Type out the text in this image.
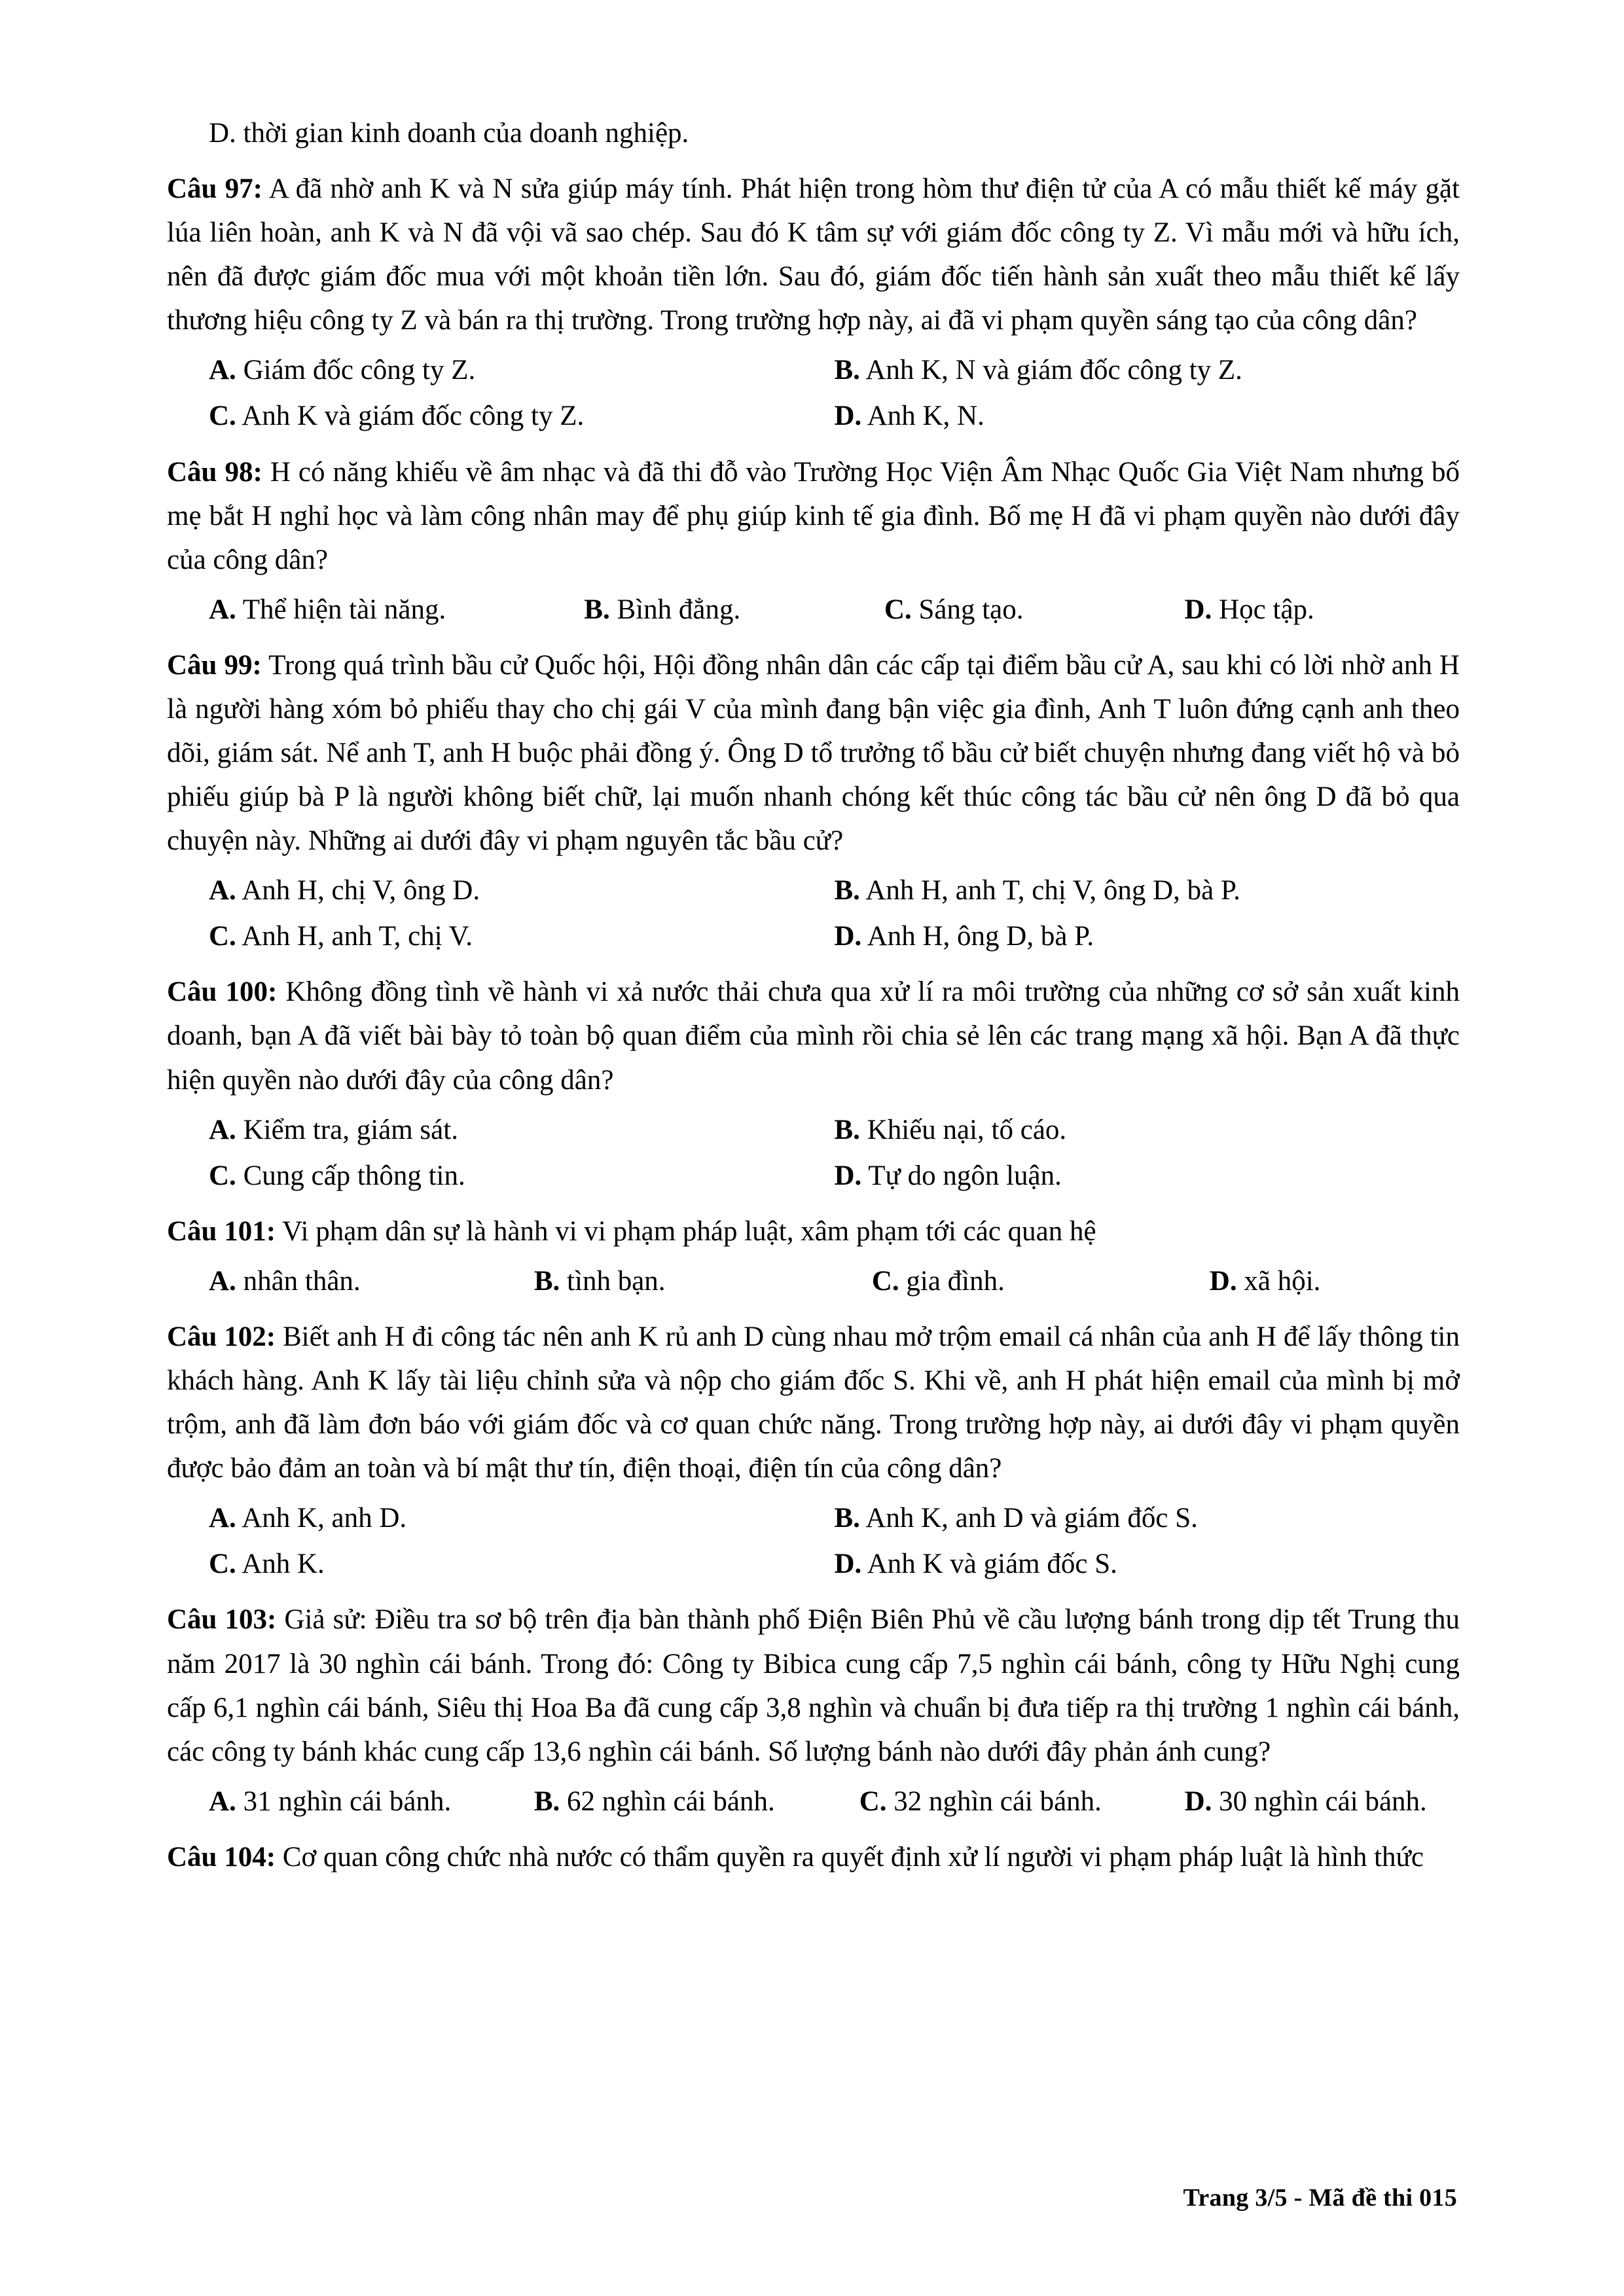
D. thời gian kinh doanh của doanh nghiệp.

Câu 97: A đã nhờ anh K và N sửa giúp máy tính. Phát hiện trong hòm thư điện tử của A có mẫu thiết kế máy gặt lúa liên hoàn, anh K và N đã vội vã sao chép. Sau đó K tâm sự với giám đốc công ty Z. Vì mẫu mới và hữu ích, nên đã được giám đốc mua với một khoản tiền lớn. Sau đó, giám đốc tiến hành sản xuất theo mẫu thiết kế lấy thương hiệu công ty Z và bán ra thị trường. Trong trường hợp này, ai đã vi phạm quyền sáng tạo của công dân?

A. Giám đốc công ty Z.	B. Anh K, N và giám đốc công ty Z.
C. Anh K và giám đốc công ty Z.	D. Anh K, N.

Câu 98: H có năng khiếu về âm nhạc và đã thi đỗ vào Trường Học Viện Âm Nhạc Quốc Gia Việt Nam nhưng bố mẹ bắt H nghỉ học và làm công nhân may để phụ giúp kinh tế gia đình. Bố mẹ H đã vi phạm quyền nào dưới đây của công dân?

A. Thể hiện tài năng.	B. Bình đẳng.	C. Sáng tạo.	D. Học tập.

Câu 99: Trong quá trình bầu cử Quốc hội, Hội đồng nhân dân các cấp tại điểm bầu cử A, sau khi có lời nhờ anh H là người hàng xóm bỏ phiếu thay cho chị gái V của mình đang bận việc gia đình, Anh T luôn đứng cạnh anh theo dõi, giám sát. Nể anh T, anh H buộc phải đồng ý. Ông D tổ trưởng tổ bầu cử biết chuyện nhưng đang viết hộ và bỏ phiếu giúp bà P là người không biết chữ, lại muốn nhanh chóng kết thúc công tác bầu cử nên ông D đã bỏ qua chuyện này. Những ai dưới đây vi phạm nguyên tắc bầu cử?

A. Anh H, chị V, ông D.	B. Anh H, anh T, chị V, ông D, bà P.
C. Anh H, anh T, chị V.	D. Anh H, ông D, bà P.

Câu 100: Không đồng tình về hành vi xả nước thải chưa qua xử lí ra môi trường của những cơ sở sản xuất kinh doanh, bạn A đã viết bài bày tỏ toàn bộ quan điểm của mình rồi chia sẻ lên các trang mạng xã hội. Bạn A đã thực hiện quyền nào dưới đây của công dân?

A. Kiểm tra, giám sát.	B. Khiếu nại, tố cáo.
C. Cung cấp thông tin.	D. Tự do ngôn luận.

Câu 101: Vi phạm dân sự là hành vi vi phạm pháp luật, xâm phạm tới các quan hệ

A. nhân thân.	B. tình bạn.	C. gia đình.	D. xã hội.

Câu 102: Biết anh H đi công tác nên anh K rủ anh D cùng nhau mở trộm email cá nhân của anh H để lấy thông tin khách hàng. Anh K lấy tài liệu chỉnh sửa và nộp cho giám đốc S. Khi về, anh H phát hiện email của mình bị mở trộm, anh đã làm đơn báo với giám đốc và cơ quan chức năng. Trong trường hợp này, ai dưới đây vi phạm quyền được bảo đảm an toàn và bí mật thư tín, điện thoại, điện tín của công dân?

A. Anh K, anh D.	B. Anh K, anh D và giám đốc S.
C. Anh K.	D. Anh K và giám đốc S.

Câu 103: Giả sử: Điều tra sơ bộ trên địa bàn thành phố Điện Biên Phủ về cầu lượng bánh trong dịp tết Trung thu năm 2017 là 30 nghìn cái bánh. Trong đó: Công ty Bibica cung cấp 7,5 nghìn cái bánh, công ty Hữu Nghị cung cấp 6,1 nghìn cái bánh, Siêu thị Hoa Ba đã cung cấp 3,8 nghìn và chuẩn bị đưa tiếp ra thị trường 1 nghìn cái bánh, các công ty bánh khác cung cấp 13,6 nghìn cái bánh. Số lượng bánh nào dưới đây phản ánh cung?

A. 31 nghìn cái bánh.	B. 62 nghìn cái bánh.	C. 32 nghìn cái bánh.	D. 30 nghìn cái bánh.

Câu 104: Cơ quan công chức nhà nước có thẩm quyền ra quyết định xử lí người vi phạm pháp luật là hình thức

Trang 3/5 - Mã đề thi 015
